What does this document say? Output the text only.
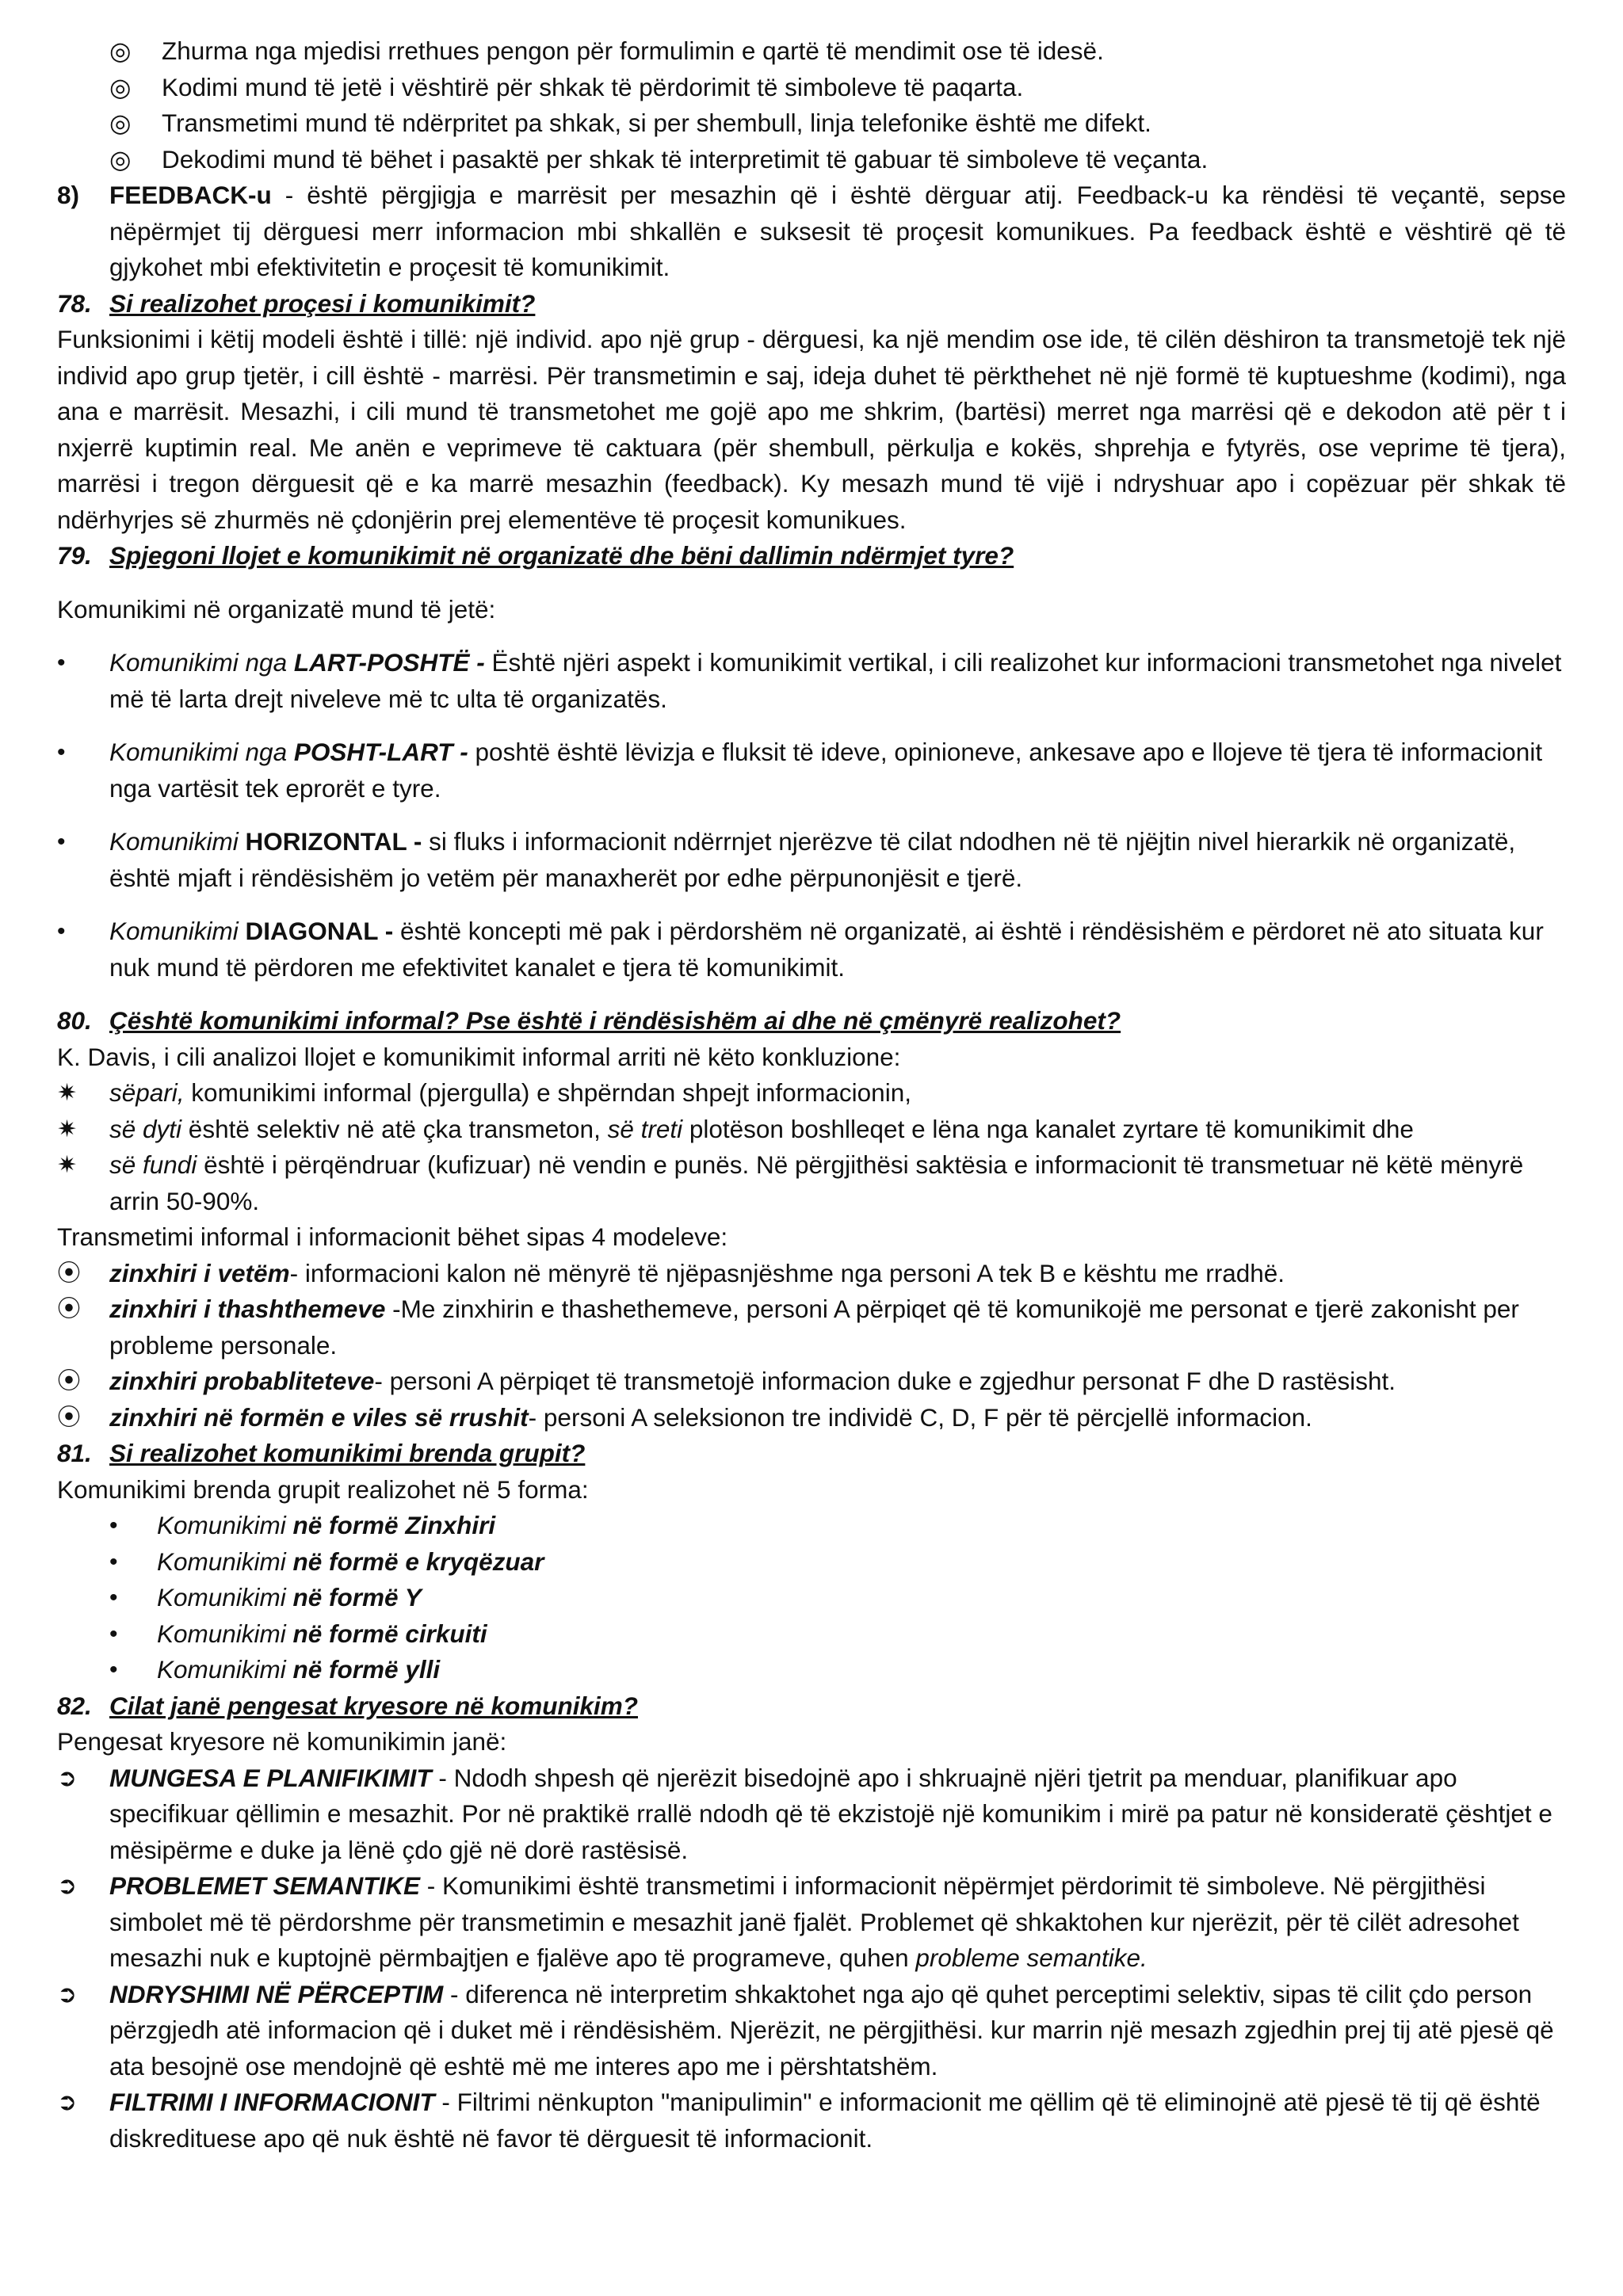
◎	Zhurma nga mjedisi rrethues pengon për formulimin e qartë të mendimit ose të idesë.
◎	Kodimi mund të jetë i vështirë për shkak të përdorimit të simboleve të paqarta.
◎	Transmetimi mund të ndërpritet pa shkak, si per shembull, linja telefonike është me difekt.
◎	Dekodimi mund të bëhet i pasaktë per shkak të interpretimit të gabuar të simboleve të veçanta.
8)	FEEDBACK-u - është përgjigja e marrësit per mesazhin që i është dërguar atij. Feedback-u ka rëndësi të veçantë, sepse nëpërmjet tij dërguesi merr informacion mbi shkallën e suksesit të proçesit komunikues. Pa feedback është e vështirë që të gjykohet mbi efektivitetin e proçesit të komunikimit.
78. Si realizohet proçesi i komunikimit?

Funksionimi i këtij modeli është i tillë: një individ. apo një grup - dërguesi, ka një mendim ose ide, të cilën dëshiron ta transmetojë tek një individ apo grup tjetër, i cill është - marrësi. Për transmetimin e saj, ideja duhet të përkthehet në një formë të kuptueshme (kodimi), nga ana e marrësit. Mesazhi, i cili mund të transmetohet me gojë apo me shkrim, (bartësi) merret nga marrësi që e dekodon atë për t i nxjerrë kuptimin real. Me anën e veprimeve të caktuara (për shembull, përkulja e kokës, shprehja e fytyrës, ose veprime të tjera), marrësi i tregon dërguesit që e ka marrë mesazhin (feedback). Ky mesazh mund të vijë i ndryshuar apo i copëzuar për shkak të ndërhyrjes së zhurmës në çdonjërin prej elementëve të proçesit komunikues.

79. Spjegoni llojet e komunikimit në organizatë dhe bëni dallimin ndërmjet tyre?

Komunikimi në organizatë mund të jetë:

•	Komunikimi nga LART-POSHTË - Është njëri aspekt i komunikimit vertikal, i cili realizohet kur informacioni transmetohet nga nivelet më të larta drejt niveleve më tc ulta të organizatës.
•	Komunikimi nga POSHT-LART - poshtë është lëvizja e fluksit të ideve, opinioneve, ankesave apo e llojeve të tjera të informacionit nga vartësit tek eprorët e tyre.
•	Komunikimi HORIZONTAL - si fluks i informacionit ndërrnjet njerëzve të cilat ndodhen në të njëjtin nivel hierarkik në organizatë, është mjaft i rëndësishëm jo vetëm për manaxherët por edhe përpunonjësit e tjerë.
•	Komunikimi DIAGONAL - është koncepti më pak i përdorshëm në organizatë, ai është i rëndësishëm e përdoret në ato situata kur nuk mund të përdoren me efektivitet kanalet e tjera të komunikimit.
80. Çështë komunikimi informal? Pse është i rëndësishëm ai dhe në çmënyrë realizohet?

K. Davis, i cili analizoi llojet e komunikimit informal arriti në këto konkluzione:

✷	sëpari, komunikimi informal (pjergulla) e shpërndan shpejt informacionin,
✷	së dyti është selektiv në atë çka transmeton, së treti plotëson boshlleqet e lëna nga kanalet zyrtare të komunikimit dhe
✷	së fundi është i përqëndruar (kufizuar) në vendin e punës. Në përgjithësi saktësia e informacionit të transmetuar në këtë mënyrë arrin 50-90%.

Transmetimi informal i informacionit bëhet sipas 4 modeleve:

⦿	zinxhiri i vetëm- informacioni kalon në mënyrë të njëpasnjëshme nga personi A tek B e kështu me rradhë.
⦿	zinxhiri i thashthemeve -Me zinxhirin e thashethemeve, personi A përpiqet që të komunikojë me personat e tjerë zakonisht per probleme personale.
⦿	zinxhiri probabliteteve- personi A përpiqet të transmetojë informacion duke e zgjedhur personat F dhe D rastësisht.
⦿	zinxhiri në formën e viles së rrushit- personi A seleksionon tre individë C, D, F për të përcjellë informacion.
81. Si realizohet komunikimi brenda grupit?

Komunikimi brenda grupit realizohet në 5 forma:

•	Komunikimi në formë Zinxhiri
•	Komunikimi në formë e kryqëzuar
•	Komunikimi në formë Y
•	Komunikimi në formë cirkuiti
•	Komunikimi në formë ylli
82. Cilat janë pengesat kryesore në komunikim?

Pengesat kryesore në komunikimin janë:

➲	MUNGESA E PLANIFIKIMIT - Ndodh shpesh që njerëzit bisedojnë apo i shkruajnë njëri tjetrit pa menduar, planifikuar apo specifikuar qëllimin e mesazhit. Por në praktikë rrallë ndodh që të ekzistojë një komunikim i mirë pa patur në konsideratë çështjet e mësipërme e duke ja lënë çdo gjë në dorë rastësisë.
➲	PROBLEMET SEMANTIKE - Komunikimi është transmetimi i informacionit nëpërmjet përdorimit të simboleve. Në përgjithësi simbolet më të përdorshme për transmetimin e mesazhit janë fjalët. Problemet që shkaktohen kur njerëzit, për të cilët adresohet mesazhi nuk e kuptojnë përmbajtjen e fjalëve apo të programeve, quhen probleme semantike.
➲	NDRYSHIMI NË PËRCEPTIM - diferenca në interpretim shkaktohet nga ajo që quhet perceptimi selektiv, sipas të cilit çdo person përzgjedh atë informacion që i duket më i rëndësishëm. Njerëzit, ne përgjithësi. kur marrin një mesazh zgjedhin prej tij atë pjesë që ata besojnë ose mendojnë që eshtë më me interes apo me i përshtatshëm.
➲	FILTRIMI I INFORMACIONIT - Filtrimi nënkupton "manipulimin" e informacionit me qëllim që të eliminojnë atë pjesë të tij që është diskredituese apo që nuk është në favor të dërguesit të informacionit.
